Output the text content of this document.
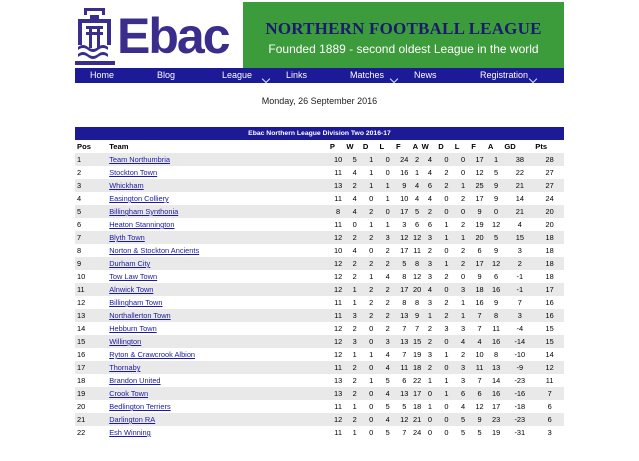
Ebac	NORTHERN FOOTBALL LEAGUE
Founded 1889 - second oldest League in the world
Home	Blog	League	Links	Matches	News	Registration
Monday, 26 September 2016
Ebac Northern League Division Two 2016-17
Pos	Team	P	W	D	L	F	A	W	D	L	F	A	GD	Pts
1	Team Northumbria	10	5	1	0	24	2	4	0	0	17	1	38	28
2	Stockton Town	11	4	1	0	16	1	4	2	0	12	5	22	27
3	Whickham	13	2	1	1	9	4	6	2	1	25	9	21	27
4	Easington Colliery	11	4	0	1	10	4	4	0	2	17	9	14	24
5	Billingham Synthonia	8	4	2	0	17	5	2	0	0	9	0	21	20
6	Heaton Stannington	11	0	1	1	3	6	6	1	2	19	12	4	20
7	Blyth Town	12	2	2	3	12	12	3	1	1	20	5	15	18
8	Norton & Stockton Ancients	10	4	0	2	17	11	2	0	2	6	9	3	18
9	Durham City	12	2	2	2	5	8	3	1	2	17	12	2	18
10	Tow Law Town	12	2	1	4	8	12	3	2	0	9	6	-1	18
11	Alnwick Town	12	1	2	2	17	20	4	0	3	18	16	-1	17
12	Billingham Town	11	1	2	2	8	8	3	2	1	16	9	7	16
13	Northallerton Town	11	3	2	2	13	9	1	2	1	7	8	3	16
14	Hebburn Town	12	2	0	2	7	7	2	3	3	7	11	-4	15
15	Willington	12	3	0	3	13	15	2	0	4	4	16	-14	15
16	Ryton & Crawcrook Albion	12	1	1	4	7	19	3	1	2	10	8	-10	14
17	Thornaby	11	2	0	4	11	18	2	0	3	11	13	-9	12
18	Brandon United	13	2	1	5	6	22	1	1	3	7	14	-23	11
19	Crook Town	13	2	0	4	13	17	0	1	6	6	16	-16	7
20	Bedlington Terriers	11	1	0	5	5	18	1	0	4	12	17	-18	6
21	Darlington RA	12	2	0	4	12	21	0	0	5	9	23	-23	6
22	Esh Winning	11	1	0	5	7	24	0	0	5	5	19	-31	3
